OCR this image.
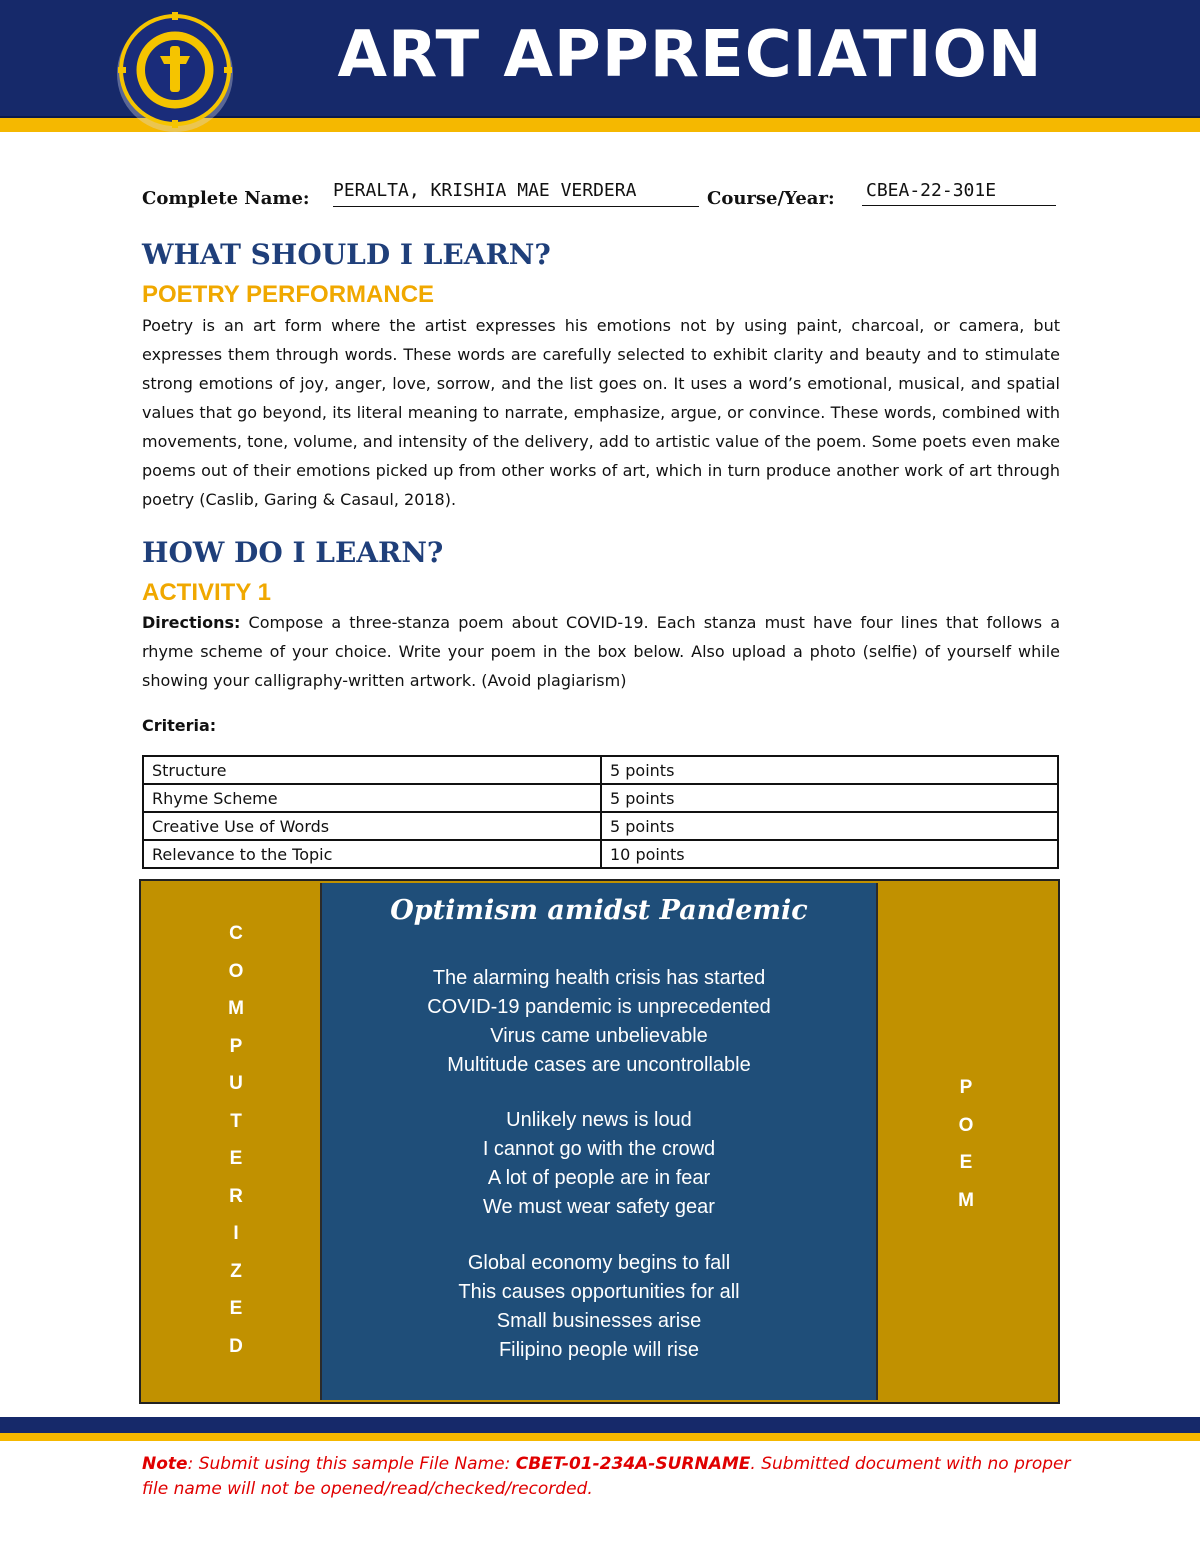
ART APPRECIATION
Complete Name: PERALTA, KRISHIA MAE VERDERA	Course/Year: CBEA-22-301E
WHAT SHOULD I LEARN?
POETRY PERFORMANCE
Poetry is an art form where the artist expresses his emotions not by using paint, charcoal, or camera, but expresses them through words. These words are carefully selected to exhibit clarity and beauty and to stimulate strong emotions of joy, anger, love, sorrow, and the list goes on. It uses a word’s emotional, musical, and spatial values that go beyond, its literal meaning to narrate, emphasize, argue, or convince. These words, combined with movements, tone, volume, and intensity of the delivery, add to artistic value of the poem. Some poets even make poems out of their emotions picked up from other works of art, which in turn produce another work of art through poetry (Caslib, Garing & Casaul, 2018).
HOW DO I LEARN?
ACTIVITY 1
Directions: Compose a three-stanza poem about COVID-19. Each stanza must have four lines that follows a rhyme scheme of your choice. Write your poem in the box below. Also upload a photo (selfie) of yourself while showing your calligraphy-written artwork. (Avoid plagiarism)
Criteria:
Structure	5 points
Rhyme Scheme	5 points
Creative Use of Words	5 points
Relevance to the Topic	10 points
C
O
M
P
U
T
E
R
I
Z
E
D
P
O
E
M
Optimism amidst Pandemic
The alarming health crisis has started
COVID-19 pandemic is unprecedented
Virus came unbelievable
Multitude cases are uncontrollable
Unlikely news is loud
I cannot go with the crowd
A lot of people are in fear
We must wear safety gear
Global economy begins to fall
This causes opportunities for all
Small businesses arise
Filipino people will rise
Note: Submit using this sample File Name: CBET-01-234A-SURNAME. Submitted document with no proper file name will not be opened/read/checked/recorded.
